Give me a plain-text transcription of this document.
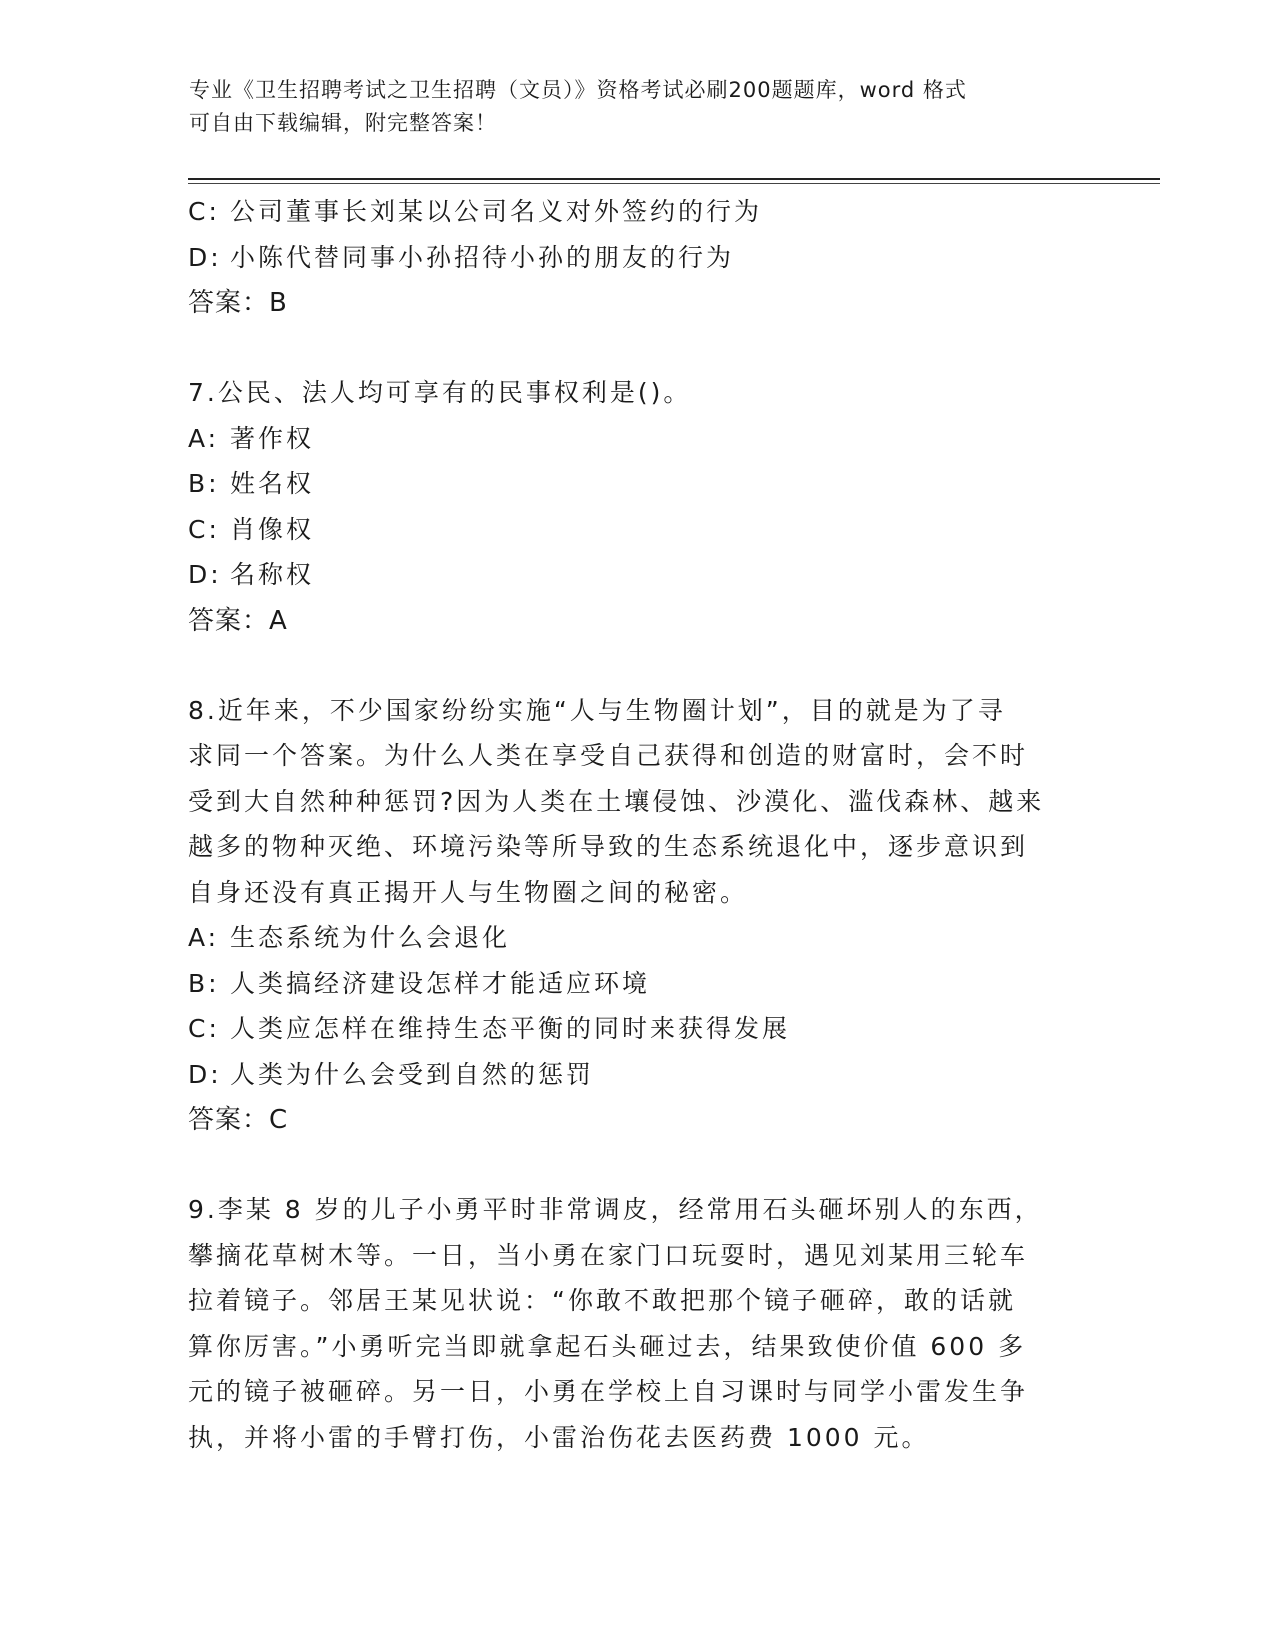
专业《卫生招聘考试之卫生招聘（文员）》资格考试必刷200题题库，word 格式
可自由下载编辑，附完整答案！
C: 公司董事长刘某以公司名义对外签约的行为
D: 小陈代替同事小孙招待小孙的朋友的行为
答案：B
7.公民、法人均可享有的民事权利是()。
A: 著作权
B: 姓名权
C: 肖像权
D: 名称权
答案：A
8.近年来，不少国家纷纷实施“人与生物圈计划”，目的就是为了寻
求同一个答案。为什么人类在享受自己获得和创造的财富时，会不时
受到大自然种种惩罚?因为人类在土壤侵蚀、沙漠化、滥伐森林、越来
越多的物种灭绝、环境污染等所导致的生态系统退化中，逐步意识到
自身还没有真正揭开人与生物圈之间的秘密。
A: 生态系统为什么会退化
B: 人类搞经济建设怎样才能适应环境
C: 人类应怎样在维持生态平衡的同时来获得发展
D: 人类为什么会受到自然的惩罚
答案：C
9.李某 8 岁的儿子小勇平时非常调皮，经常用石头砸坏别人的东西，
攀摘花草树木等。一日，当小勇在家门口玩耍时，遇见刘某用三轮车
拉着镜子。邻居王某见状说：“你敢不敢把那个镜子砸碎，敢的话就
算你厉害。”小勇听完当即就拿起石头砸过去，结果致使价值 600 多
元的镜子被砸碎。另一日，小勇在学校上自习课时与同学小雷发生争
执，并将小雷的手臂打伤，小雷治伤花去医药费 1000 元。
